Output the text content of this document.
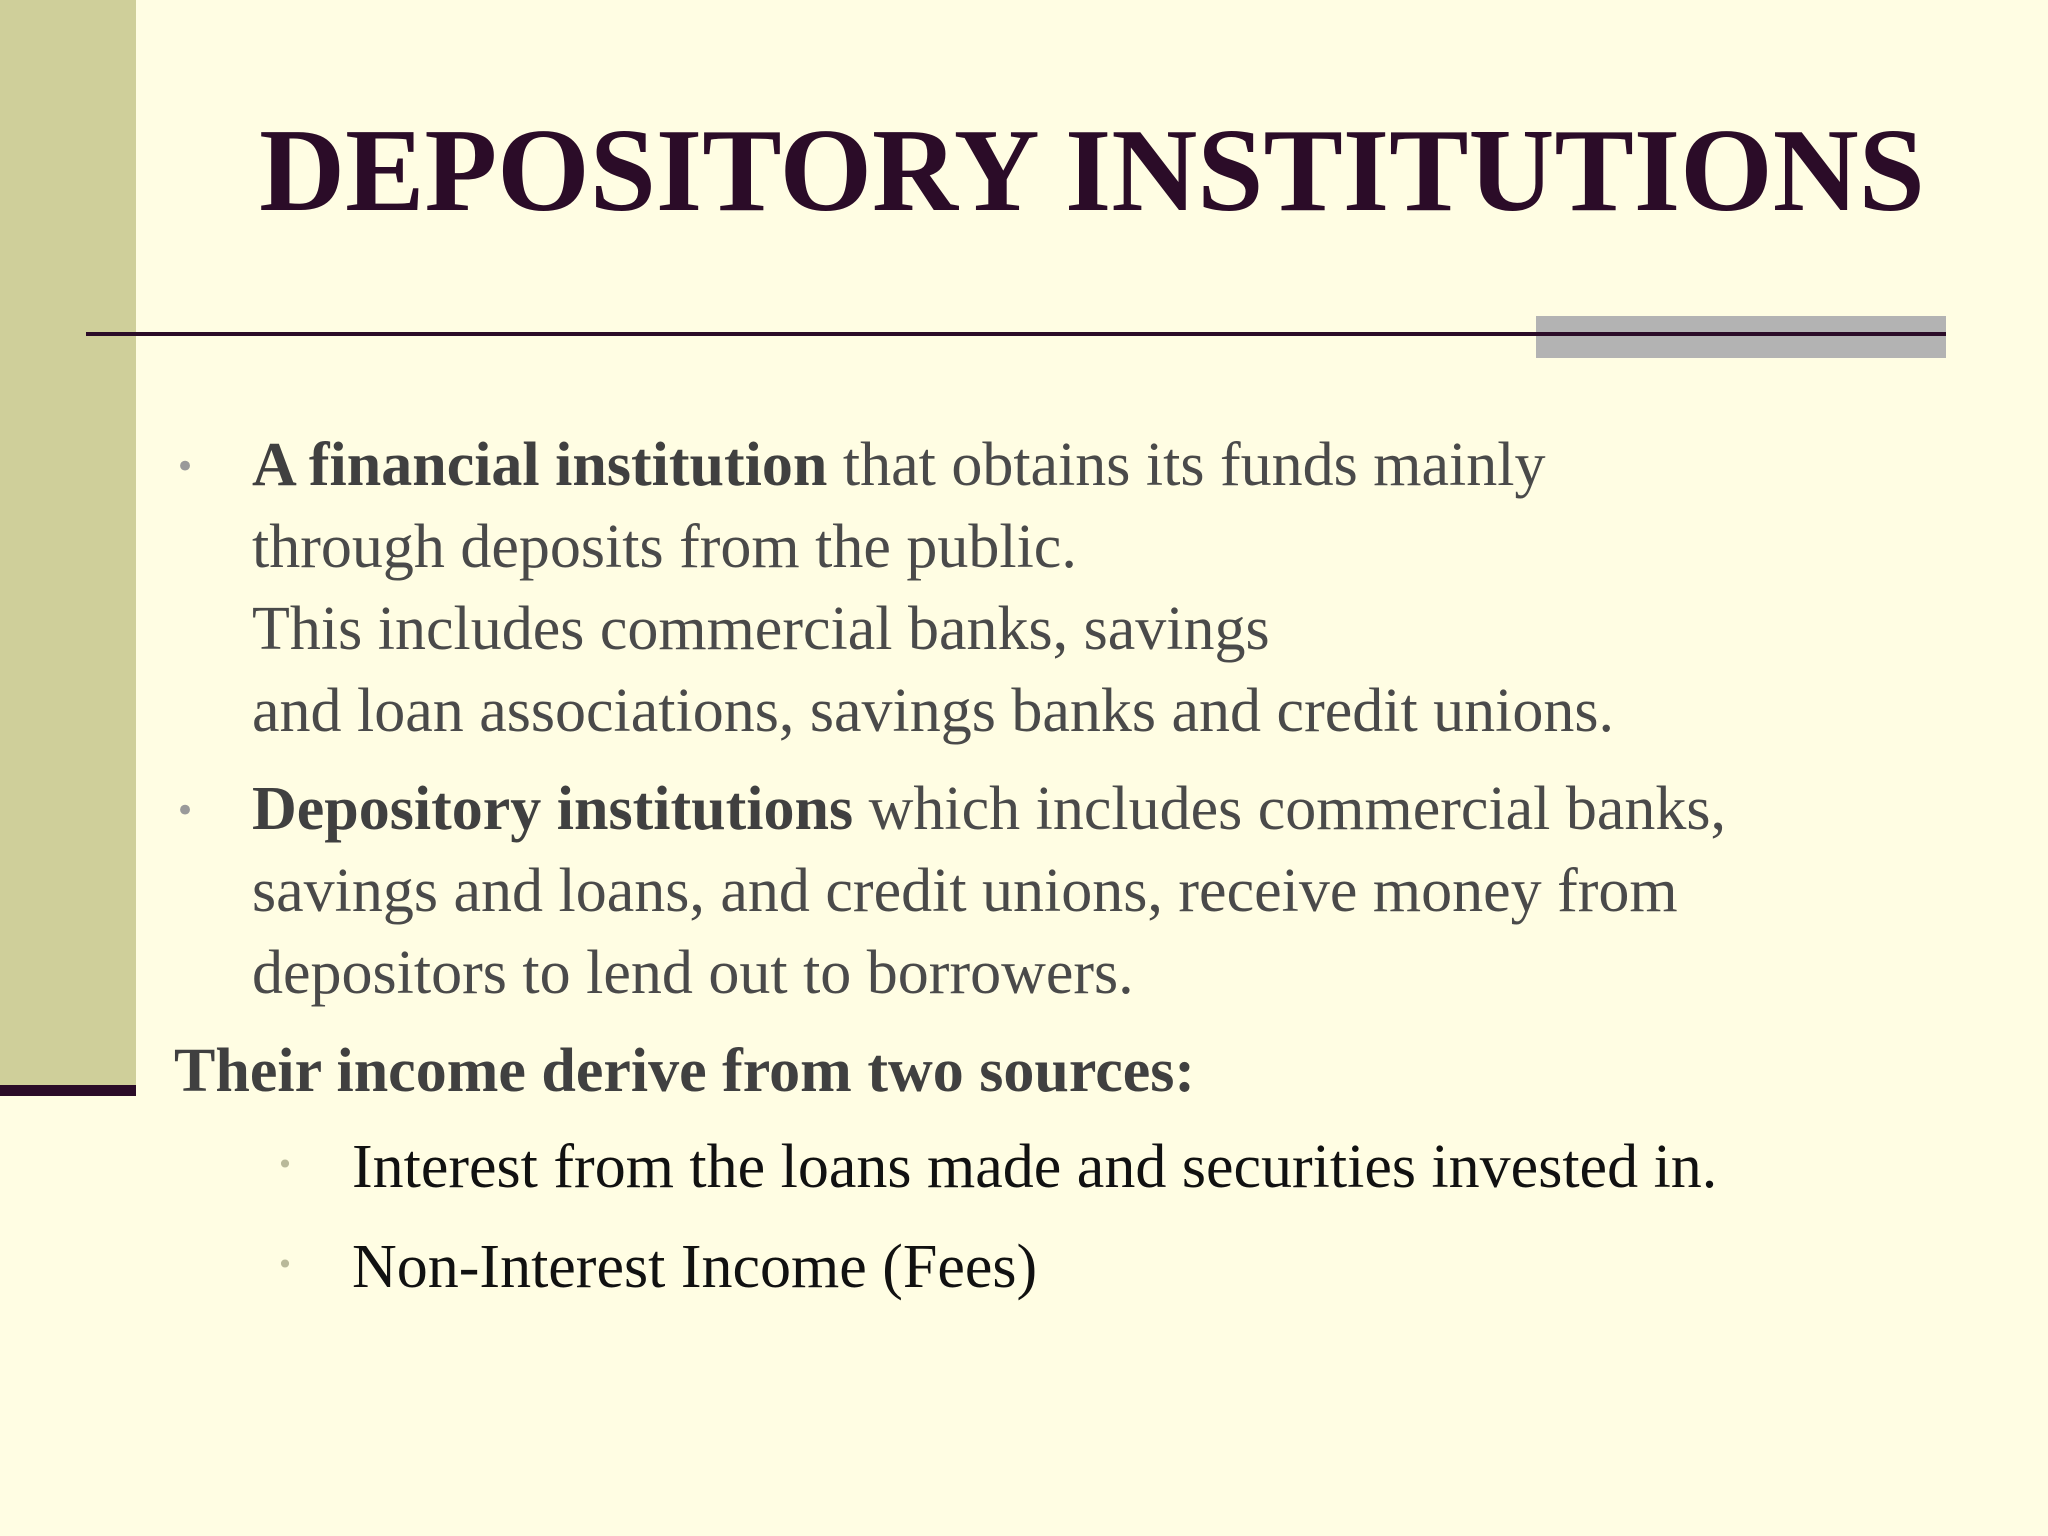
DEPOSITORY INSTITUTIONS
• A financial institution that obtains its funds mainly
through deposits from the public.
This includes commercial banks, savings
and loan associations, savings banks and credit unions.

• Depository institutions which includes commercial banks,
savings and loans, and credit unions, receive money from
depositors to lend out to borrowers.

Their income derive from two sources:

• Interest from the loans made and securities invested in.

• Non-Interest Income (Fees)
